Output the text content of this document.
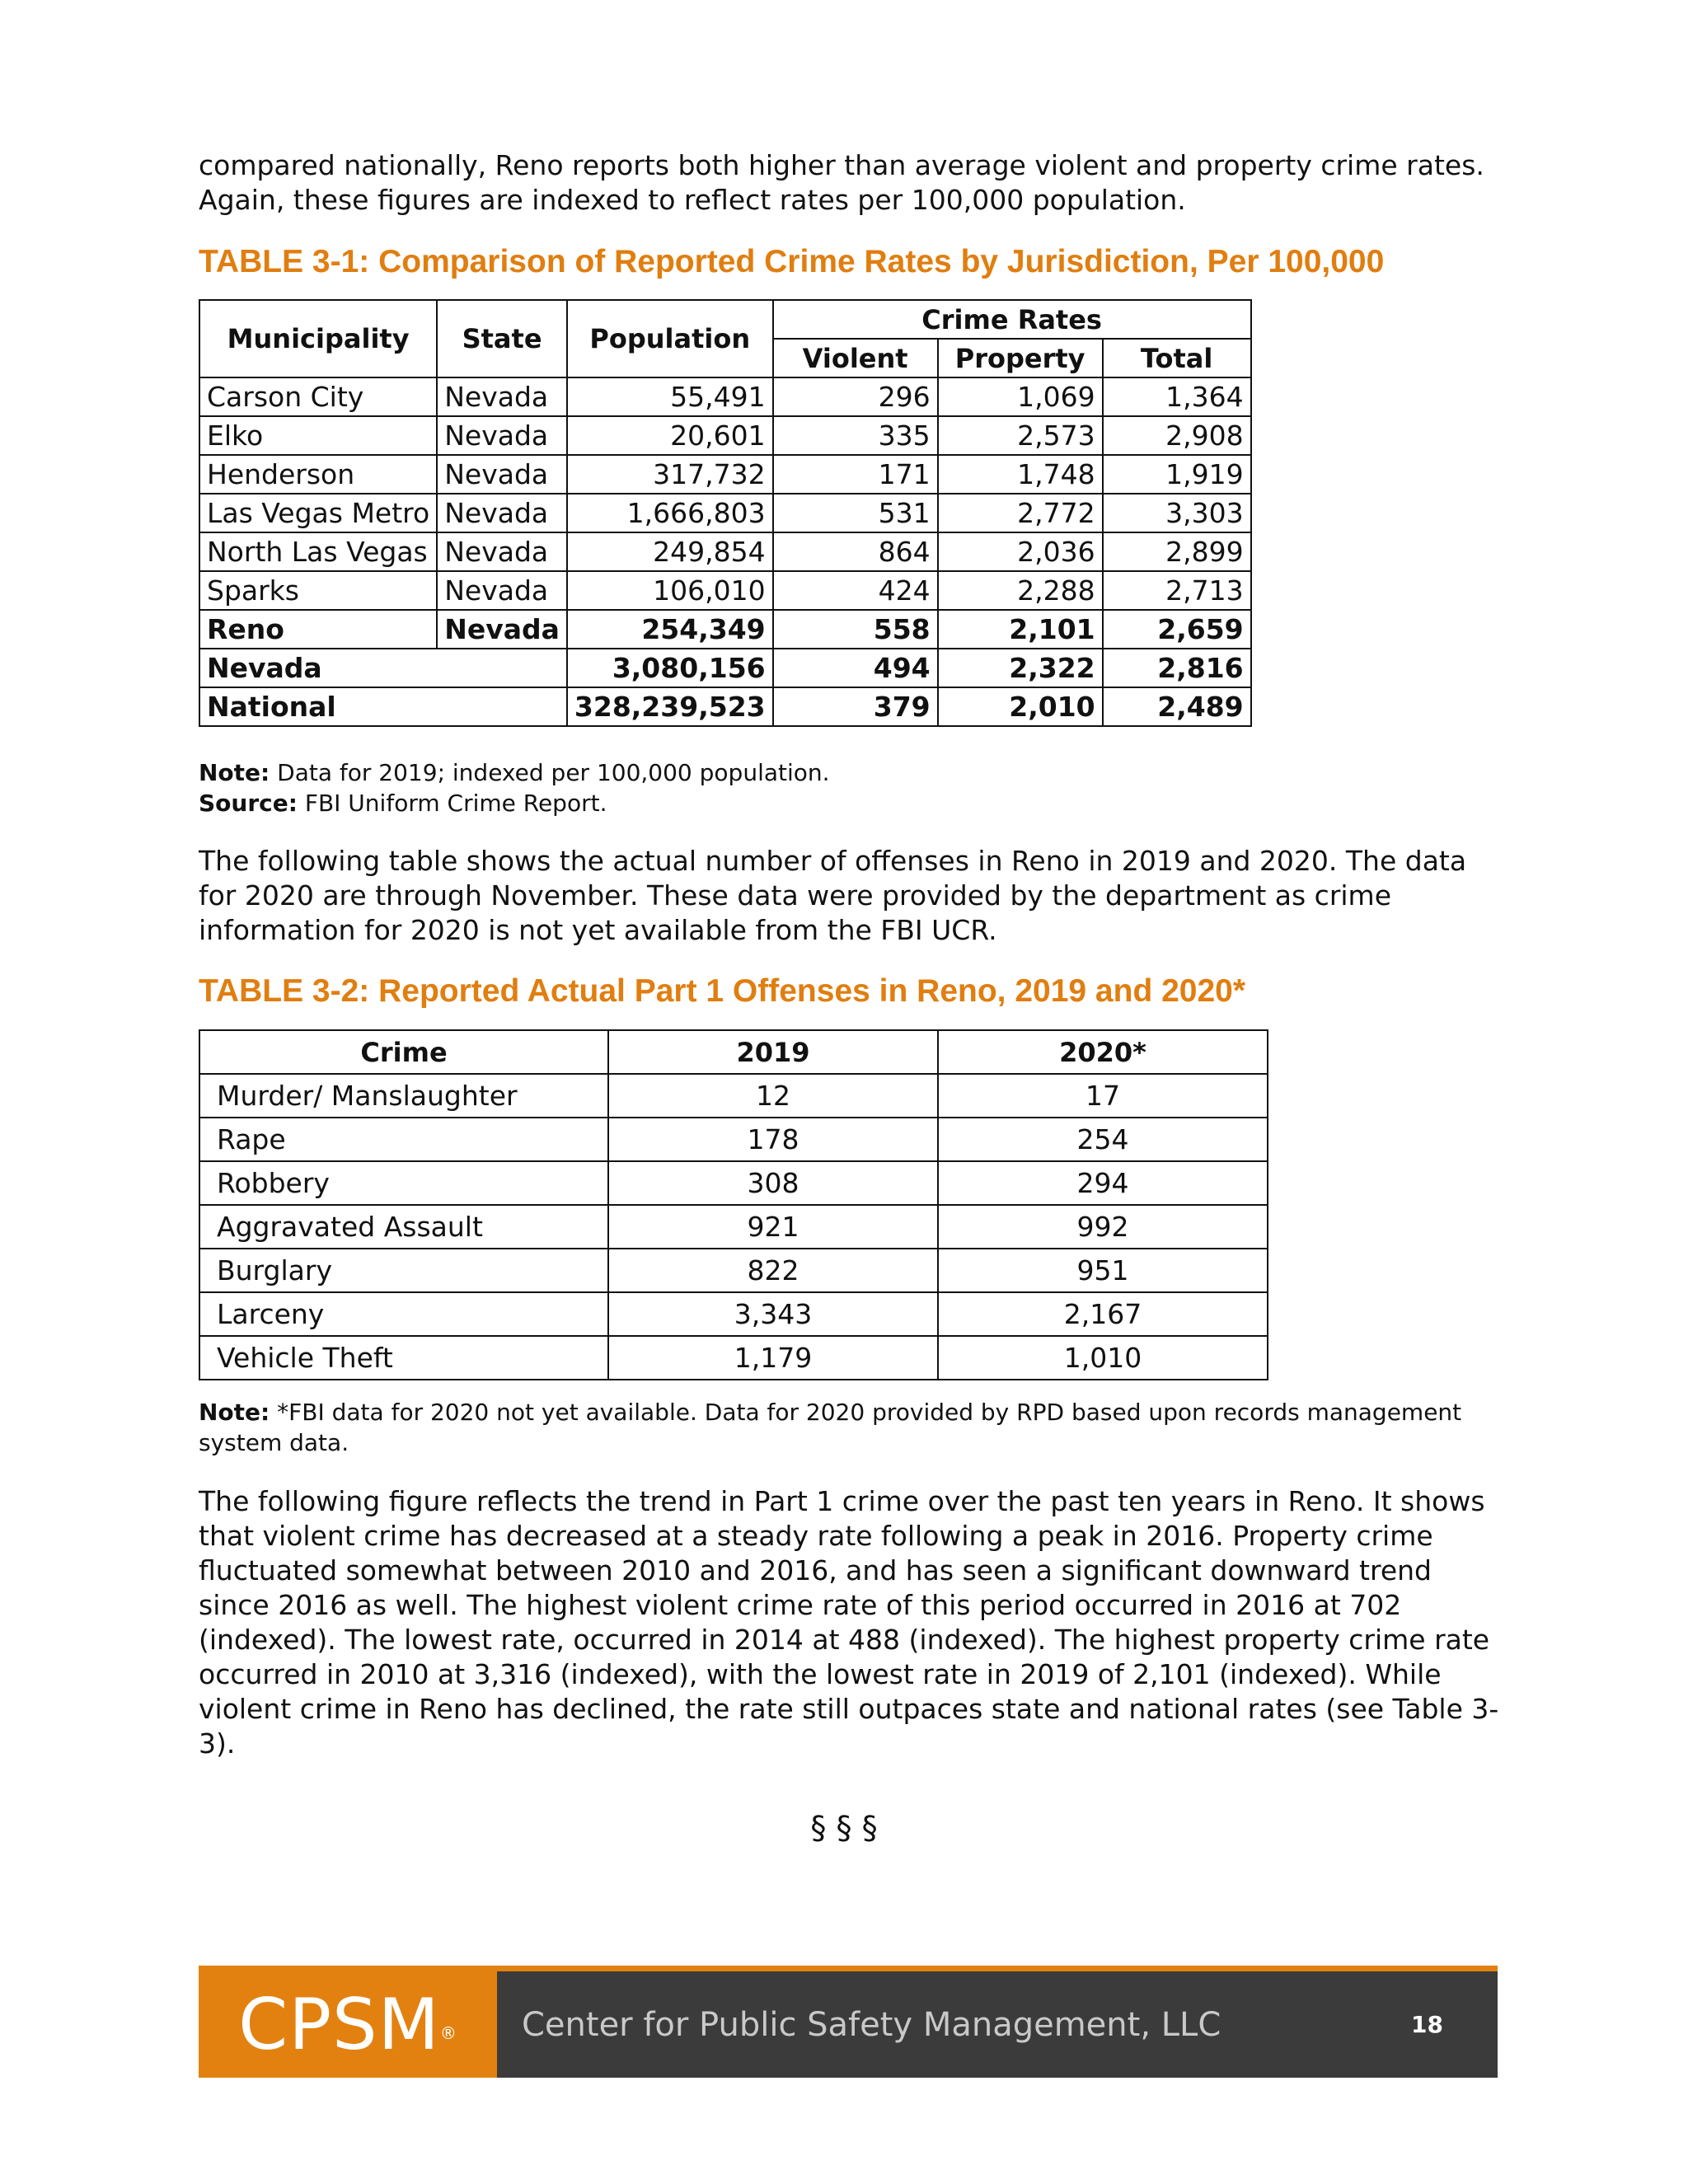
compared nationally, Reno reports both higher than average violent and property crime rates. Again, these figures are indexed to reflect rates per 100,000 population.

TABLE 3-1: Comparison of Reported Crime Rates by Jurisdiction, Per 100,000
Municipality	State	Population	Crime Rates		
			Violent	Property	Total
Carson City	Nevada	55,491	296	1,069	1,364
Elko	Nevada	20,601	335	2,573	2,908
Henderson	Nevada	317,732	171	1,748	1,919
Las Vegas Metro	Nevada	1,666,803	531	2,772	3,303
North Las Vegas	Nevada	249,854	864	2,036	2,899
Sparks	Nevada	106,010	424	2,288	2,713
Reno	Nevada	254,349	558	2,101	2,659
Nevada		3,080,156	494	2,322	2,816
National		328,239,523	379	2,010	2,489

Note: Data for 2019; indexed per 100,000 population.

Source: FBI Uniform Crime Report.

The following table shows the actual number of offenses in Reno in 2019 and 2020. The data for 2020 are through November. These data were provided by the department as crime information for 2020 is not yet available from the FBI UCR.

TABLE 3-2: Reported Actual Part 1 Offenses in Reno, 2019 and 2020*
Crime	2019	2020*
Murder/ Manslaughter	12	17
Rape	178	254
Robbery	308	294
Aggravated Assault	921	992
Burglary	822	951
Larceny	3,343	2,167
Vehicle Theft	1,179	1,010

Note: *FBI data for 2020 not yet available. Data for 2020 provided by RPD based upon records management system data.

The following figure reflects the trend in Part 1 crime over the past ten years in Reno. It shows that violent crime has decreased at a steady rate following a peak in 2016. Property crime fluctuated somewhat between 2010 and 2016, and has seen a significant downward trend since 2016 as well. The highest violent crime rate of this period occurred in 2016 at 702 (indexed). The lowest rate, occurred in 2014 at 488 (indexed). The highest property crime rate occurred in 2010 at 3,316 (indexed), with the lowest rate in 2019 of 2,101 (indexed). While violent crime in Reno has declined, the rate still outpaces state and national rates (see Table 3-3).

§ § §

CPSM® Center for Public Safety Management, LLC	18
